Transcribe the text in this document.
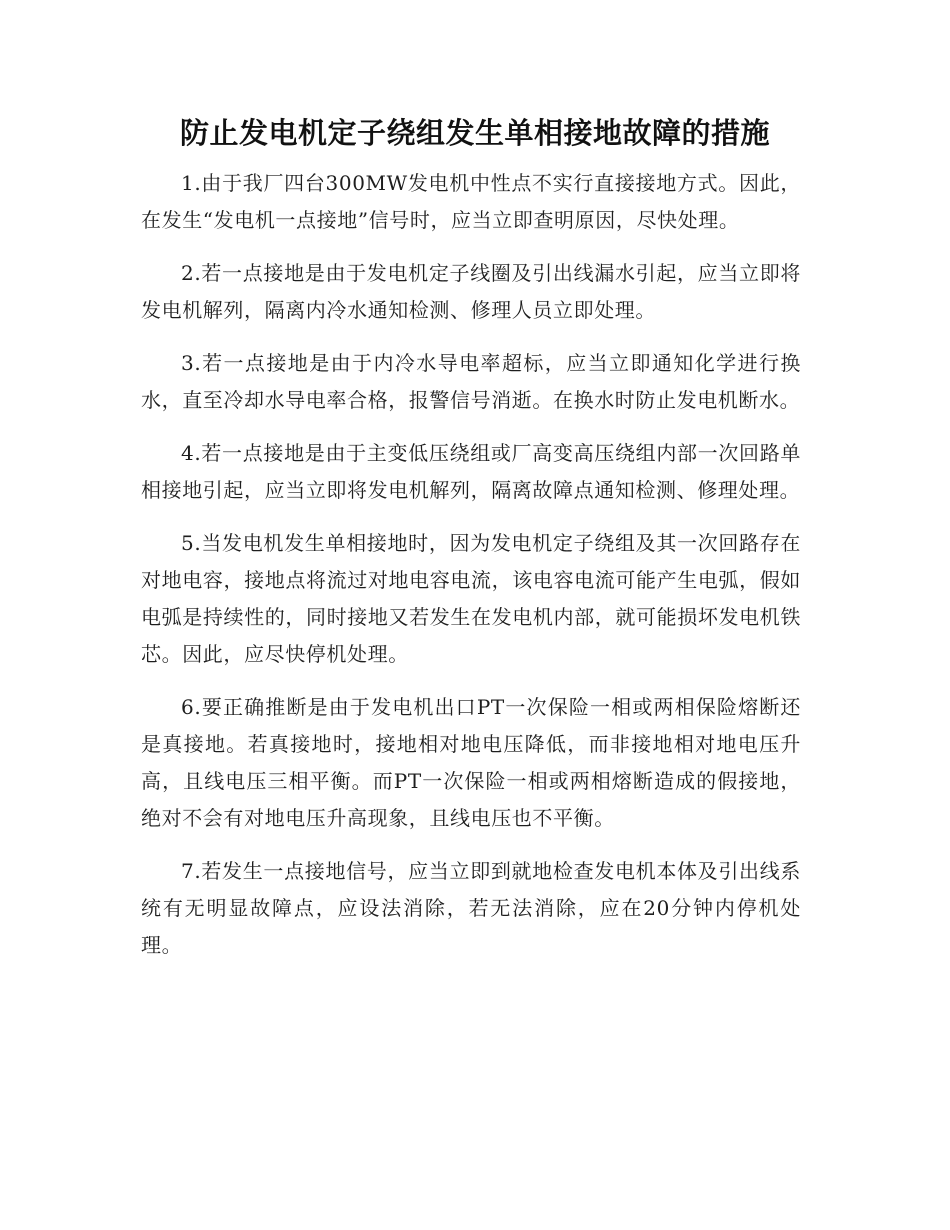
防止发电机定子绕组发生单相接地故障的措施

1.由于我厂四台300MW发电机中性点不实行直接接地方式。因此，在发生“发电机一点接地”信号时，应当立即查明原因，尽快处理。

2.若一点接地是由于发电机定子线圈及引出线漏水引起，应当立即将发电机解列，隔离内冷水通知检测、修理人员立即处理。

3.若一点接地是由于内冷水导电率超标，应当立即通知化学进行换水，直至冷却水导电率合格，报警信号消逝。在换水时防止发电机断水。

4.若一点接地是由于主变低压绕组或厂高变高压绕组内部一次回路单相接地引起，应当立即将发电机解列，隔离故障点通知检测、修理处理。

5.当发电机发生单相接地时，因为发电机定子绕组及其一次回路存在对地电容，接地点将流过对地电容电流，该电容电流可能产生电弧，假如电弧是持续性的，同时接地又若发生在发电机内部，就可能损坏发电机铁芯。因此，应尽快停机处理。

6.要正确推断是由于发电机出口PT一次保险一相或两相保险熔断还是真接地。若真接地时，接地相对地电压降低，而非接地相对地电压升高，且线电压三相平衡。而PT一次保险一相或两相熔断造成的假接地，绝对不会有对地电压升高现象，且线电压也不平衡。

7.若发生一点接地信号，应当立即到就地检查发电机本体及引出线系统有无明显故障点，应设法消除，若无法消除，应在20分钟内停机处理。
